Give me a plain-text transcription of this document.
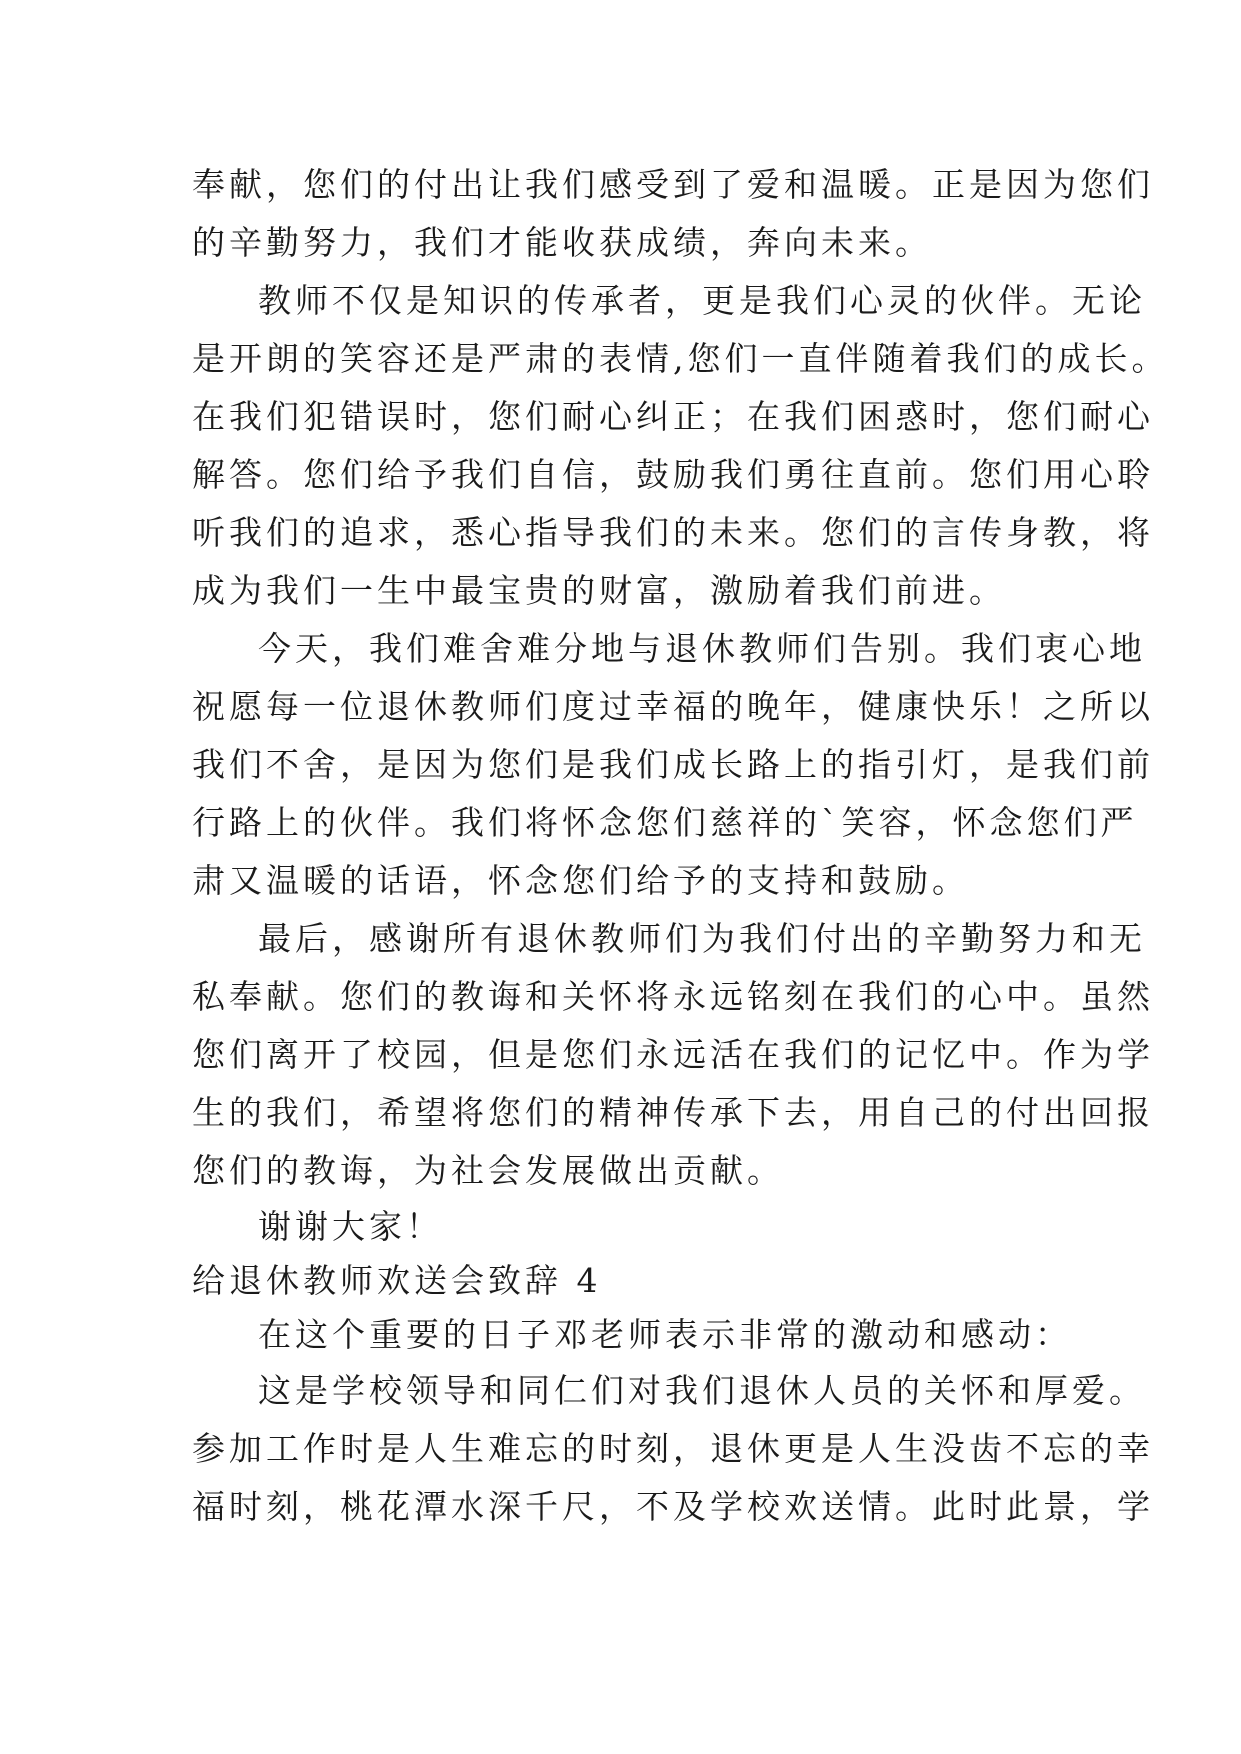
奉献，您们的付出让我们感受到了爱和温暖。正是因为您们
的辛勤努力，我们才能收获成绩，奔向未来。
教师不仅是知识的传承者，更是我们心灵的伙伴。无论
是开朗的笑容还是严肃的表情,您们一直伴随着我们的成长。
在我们犯错误时，您们耐心纠正；在我们困惑时，您们耐心
解答。您们给予我们自信，鼓励我们勇往直前。您们用心聆
听我们的追求，悉心指导我们的未来。您们的言传身教，将
成为我们一生中最宝贵的财富，激励着我们前进。
今天，我们难舍难分地与退休教师们告别。我们衷心地
祝愿每一位退休教师们度过幸福的晚年，健康快乐！之所以
我们不舍，是因为您们是我们成长路上的指引灯，是我们前
行路上的伙伴。我们将怀念您们慈祥的`笑容，怀念您们严
肃又温暖的话语，怀念您们给予的支持和鼓励。
最后，感谢所有退休教师们为我们付出的辛勤努力和无
私奉献。您们的教诲和关怀将永远铭刻在我们的心中。虽然
您们离开了校园，但是您们永远活在我们的记忆中。作为学
生的我们，希望将您们的精神传承下去，用自己的付出回报
您们的教诲，为社会发展做出贡献。
谢谢大家！
给退休教师欢送会致辞 4
在这个重要的日子邓老师表示非常的激动和感动：
这是学校领导和同仁们对我们退休人员的关怀和厚爱。
参加工作时是人生难忘的时刻，退休更是人生没齿不忘的幸
福时刻，桃花潭水深千尺，不及学校欢送情。此时此景，学
